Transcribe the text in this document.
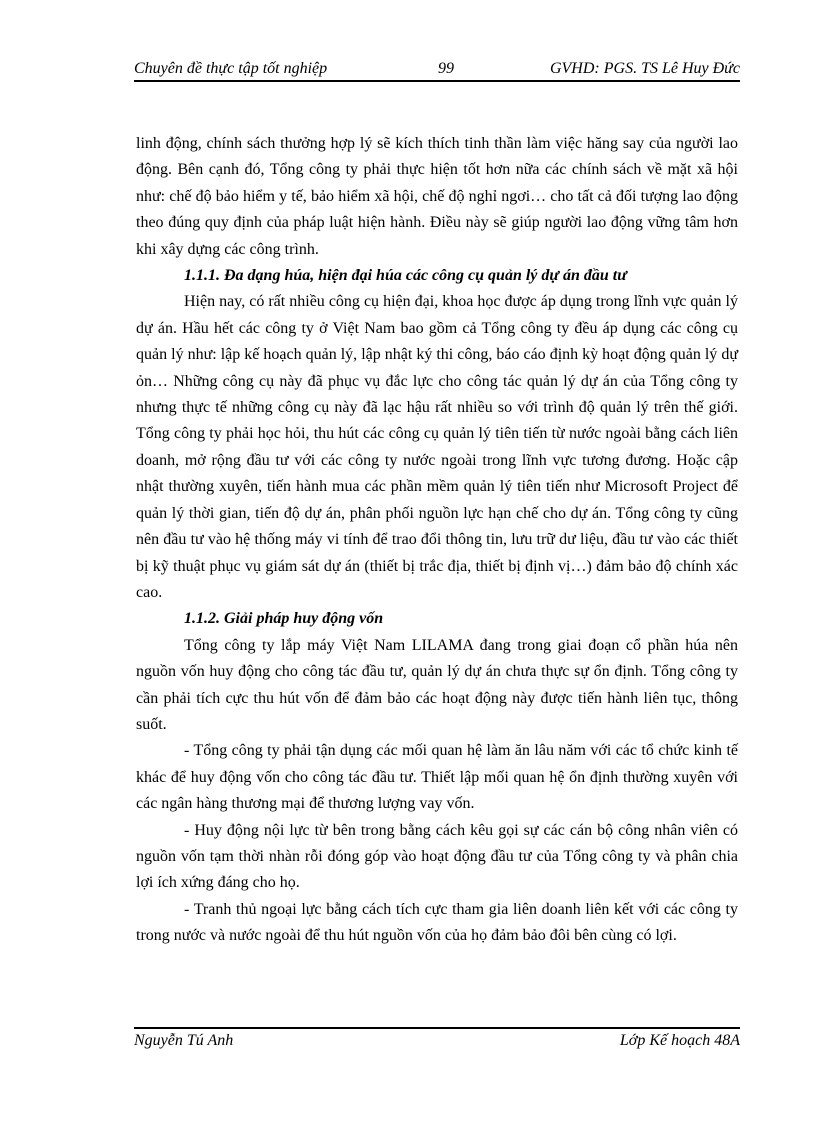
Chuyên đề thực tập tốt nghiệp	99	GVHD: PGS. TS Lê Huy Đức

linh động, chính sách thưởng hợp lý sẽ kích thích tinh thần làm việc hăng say của người lao động. Bên cạnh đó, Tổng công ty phải thực hiện tốt hơn nữa các chính sách về mặt xã hội như: chế độ bảo hiểm y tế, bảo hiểm xã hội, chế độ nghỉ ngơi… cho tất cả đối tượng lao động theo đúng quy định của pháp luật hiện hành. Điều này sẽ giúp người lao động vững tâm hơn khi xây dựng các công trình.

1.1.1. Đa dạng húa, hiện đại húa các công cụ quản lý dự án đầu tư

Hiện nay, có rất nhiều công cụ hiện đại, khoa học được áp dụng trong lĩnh vực quản lý dự án. Hầu hết các công ty ở Việt Nam bao gồm cả Tổng công ty đều áp dụng các công cụ quản lý như: lập kế hoạch quản lý, lập nhật ký thi công, báo cáo định kỳ hoạt động quản lý dự ỏn… Những công cụ này đã phục vụ đắc lực cho công tác quản lý dự án của Tổng công ty nhưng thực tế những công cụ này đã lạc hậu rất nhiều so với trình độ quản lý trên thế giới. Tổng công ty phải học hỏi, thu hút các công cụ quản lý tiên tiến từ nước ngoài bằng cách liên doanh, mở rộng đầu tư với các công ty nước ngoài trong lĩnh vực tương đương. Hoặc cập nhật thường xuyên, tiến hành mua các phần mềm quản lý tiên tiến như Microsoft Project để quản lý thời gian, tiến độ dự án, phân phối nguồn lực hạn chế cho dự án. Tổng công ty cũng nên đầu tư vào hệ thống máy vi tính để trao đổi thông tin, lưu trữ dư liệu, đầu tư vào các thiết bị kỹ thuật phục vụ giám sát dự án (thiết bị trắc địa, thiết bị định vị…) đảm bảo độ chính xác cao.

1.1.2. Giải pháp huy động vốn

Tổng công ty lắp máy Việt Nam LILAMA đang trong giai đoạn cổ phần húa nên nguồn vốn huy động cho công tác đầu tư, quản lý dự án chưa thực sự ổn định. Tổng công ty cần phải tích cực thu hút vốn để đảm bảo các hoạt động này được tiến hành liên tục, thông suốt.

- Tổng công ty phải tận dụng các mối quan hệ làm ăn lâu năm với các tổ chức kinh tế khác để huy động vốn cho công tác đầu tư. Thiết lập mối quan hệ ổn định thường xuyên với các ngân hàng thương mại để thương lượng vay vốn.

- Huy động nội lực từ bên trong bằng cách kêu gọi sự các cán bộ công nhân viên có nguồn vốn tạm thời nhàn rỗi đóng góp vào hoạt động đầu tư của Tổng công ty và phân chia lợi ích xứng đáng cho họ.

- Tranh thủ ngoại lực bằng cách tích cực tham gia liên doanh liên kết với các công ty trong nước và nước ngoài để thu hút nguồn vốn của họ đảm bảo đôi bên cùng có lợi.

Nguyễn Tú Anh	Lớp Kế hoạch 48A
